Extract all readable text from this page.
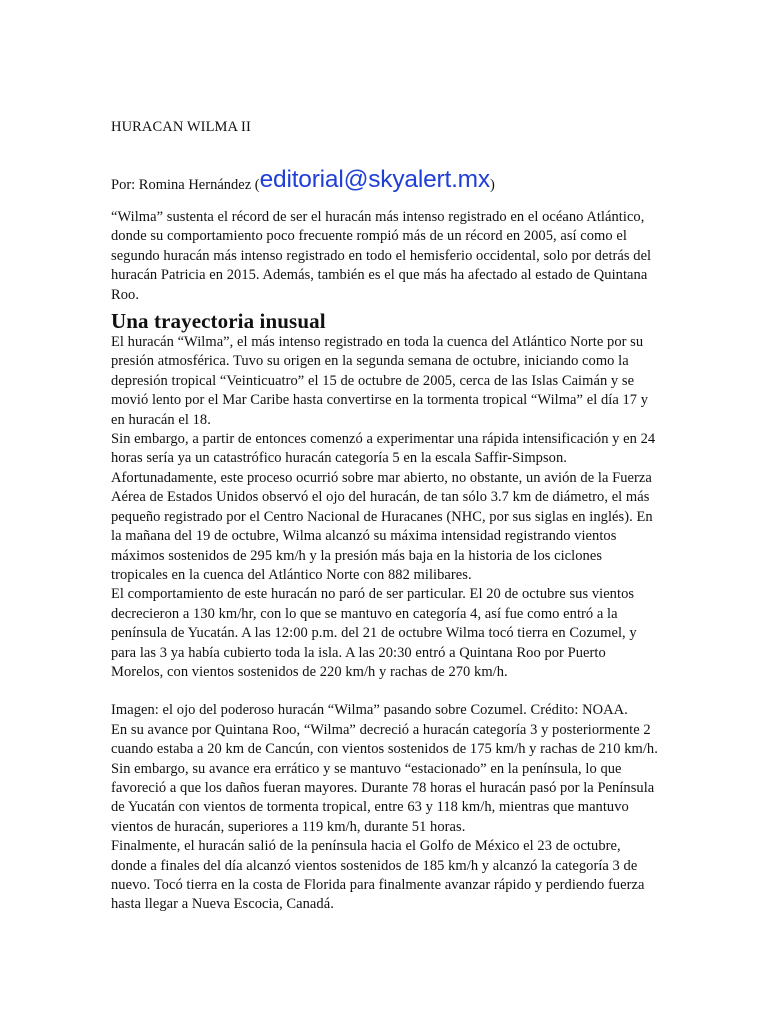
HURACAN WILMA II

Por: Romina Hernández (editorial@skyalert.mx)

“Wilma” sustenta el récord de ser el huracán más intenso registrado en el océano Atlántico, donde su comportamiento poco frecuente rompió más de un récord en 2005, así como el segundo huracán más intenso registrado en todo el hemisferio occidental, solo por detrás del huracán Patricia en 2015. Además, también es el que más ha afectado al estado de Quintana Roo.

Una trayectoria inusual

El huracán “Wilma”, el más intenso registrado en toda la cuenca del Atlántico Norte por su presión atmosférica. Tuvo su origen en la segunda semana de octubre, iniciando como la depresión tropical “Veinticuatro” el 15 de octubre de 2005, cerca de las Islas Caimán y se movió lento por el Mar Caribe hasta convertirse en la tormenta tropical “Wilma” el día 17 y en huracán el 18.

Sin embargo, a partir de entonces comenzó a experimentar una rápida intensificación y en 24 horas sería ya un catastrófico huracán categoría 5 en la escala Saffir-Simpson. Afortunadamente, este proceso ocurrió sobre mar abierto, no obstante, un avión de la Fuerza Aérea de Estados Unidos observó el ojo del huracán, de tan sólo 3.7 km de diámetro, el más pequeño registrado por el Centro Nacional de Huracanes (NHC, por sus siglas en inglés). En la mañana del 19 de octubre, Wilma alcanzó su máxima intensidad registrando vientos máximos sostenidos de 295 km/h y la presión más baja en la historia de los ciclones tropicales en la cuenca del Atlántico Norte con 882 milibares.

El comportamiento de este huracán no paró de ser particular. El 20 de octubre sus vientos decrecieron a 130 km/hr, con lo que se mantuvo en categoría 4, así fue como entró a la península de Yucatán. A las 12:00 p.m. del 21 de octubre Wilma tocó tierra en Cozumel, y para las 3 ya había cubierto toda la isla. A las 20:30 entró a Quintana Roo por Puerto Morelos, con vientos sostenidos de 220 km/h y rachas de 270 km/h.

Imagen: el ojo del poderoso huracán “Wilma” pasando sobre Cozumel. Crédito: NOAA.

En su avance por Quintana Roo, “Wilma” decreció a huracán categoría 3 y posteriormente 2 cuando estaba a 20 km de Cancún, con vientos sostenidos de 175 km/h y rachas de 210 km/h. Sin embargo, su avance era errático y se mantuvo “estacionado” en la península, lo que favoreció a que los daños fueran mayores. Durante 78 horas el huracán pasó por la Península de Yucatán con vientos de tormenta tropical, entre 63 y 118 km/h, mientras que mantuvo vientos de huracán, superiores a 119 km/h, durante 51 horas.

Finalmente, el huracán salió de la península hacia el Golfo de México el 23 de octubre, donde a finales del día alcanzó vientos sostenidos de 185 km/h y alcanzó la categoría 3 de nuevo. Tocó tierra en la costa de Florida para finalmente avanzar rápido y perdiendo fuerza hasta llegar a Nueva Escocia, Canadá.
